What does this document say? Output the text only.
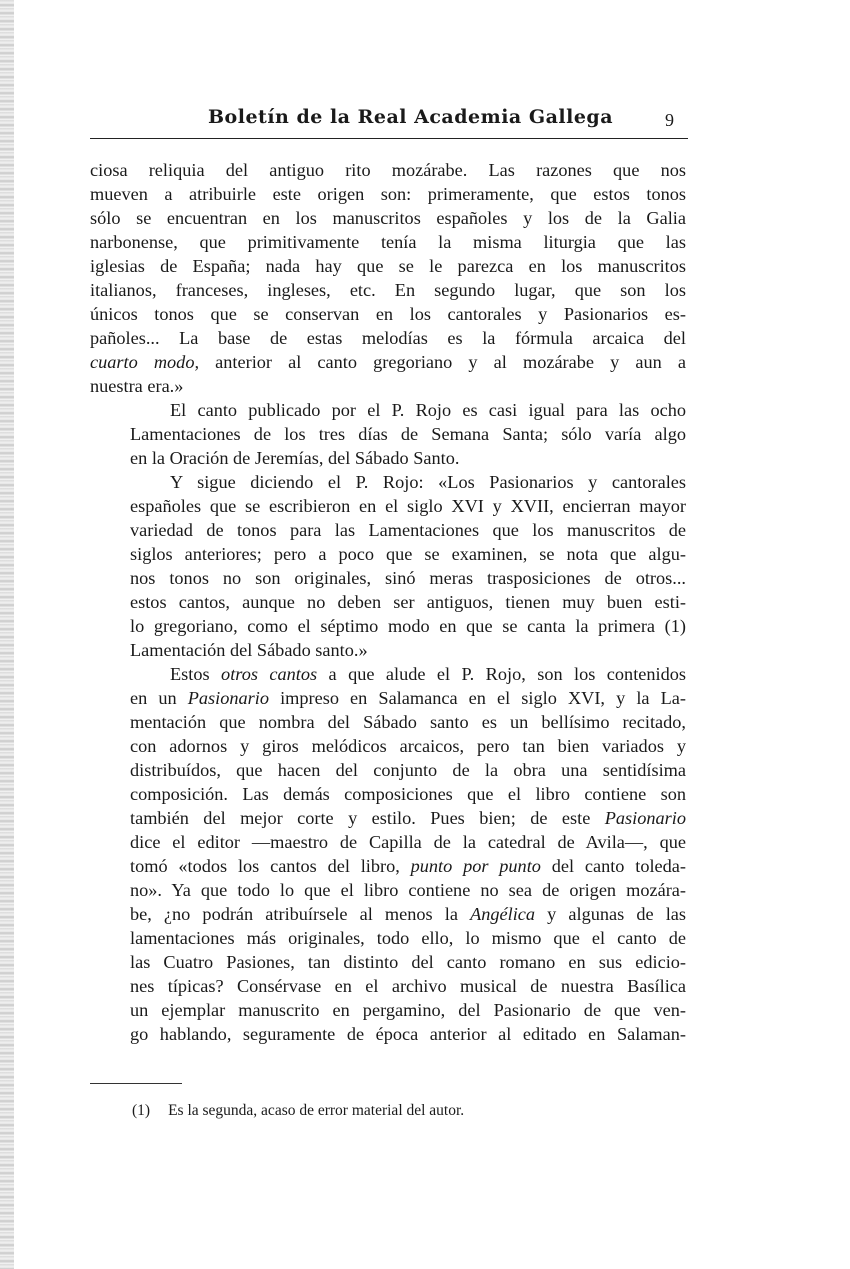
Boletín de la Real Academia Gallega	9

ciosa reliquia del antiguo rito mozárabe. Las razones que nos
mueven a atribuirle este origen son: primeramente, que estos tonos
sólo se encuentran en los manuscritos españoles y los de la Galia
narbonense, que primitivamente tenía la misma liturgia que las
iglesias de España; nada hay que se le parezca en los manuscritos
italianos, franceses, ingleses, etc. En segundo lugar, que son los
únicos tonos que se conservan en los cantorales y Pasionarios es-
pañoles... La base de estas melodías es la fórmula arcaica del
cuarto modo, anterior al canto gregoriano y al mozárabe y aun a
nuestra era.»

El canto publicado por el P. Rojo es casi igual para las ocho
Lamentaciones de los tres días de Semana Santa; sólo varía algo
en la Oración de Jeremías, del Sábado Santo.

Y sigue diciendo el P. Rojo: «Los Pasionarios y cantorales
españoles que se escribieron en el siglo XVI y XVII, encierran mayor
variedad de tonos para las Lamentaciones que los manuscritos de
siglos anteriores; pero a poco que se examinen, se nota que algu-
nos tonos no son originales, sinó meras trasposiciones de otros...
estos cantos, aunque no deben ser antiguos, tienen muy buen esti-
lo gregoriano, como el séptimo modo en que se canta la primera (1)
Lamentación del Sábado santo.»

Estos otros cantos a que alude el P. Rojo, son los contenidos
en un Pasionario impreso en Salamanca en el siglo XVI, y la La-
mentación que nombra del Sábado santo es un bellísimo recitado,
con adornos y giros melódicos arcaicos, pero tan bien variados y
distribuídos, que hacen del conjunto de la obra una sentidísima
composición. Las demás composiciones que el libro contiene son
también del mejor corte y estilo. Pues bien; de este Pasionario
dice el editor —maestro de Capilla de la catedral de Avila—, que
tomó «todos los cantos del libro, punto por punto del canto toleda-
no». Ya que todo lo que el libro contiene no sea de origen mozára-
be, ¿no podrán atribuírsele al menos la Angélica y algunas de las
lamentaciones más originales, todo ello, lo mismo que el canto de
las Cuatro Pasiones, tan distinto del canto romano en sus edicio-
nes típicas? Consérvase en el archivo musical de nuestra Basílica
un ejemplar manuscrito en pergamino, del Pasionario de que ven-
go hablando, seguramente de época anterior al editado en Salaman-

(1) Es la segunda, acaso de error material del autor.
